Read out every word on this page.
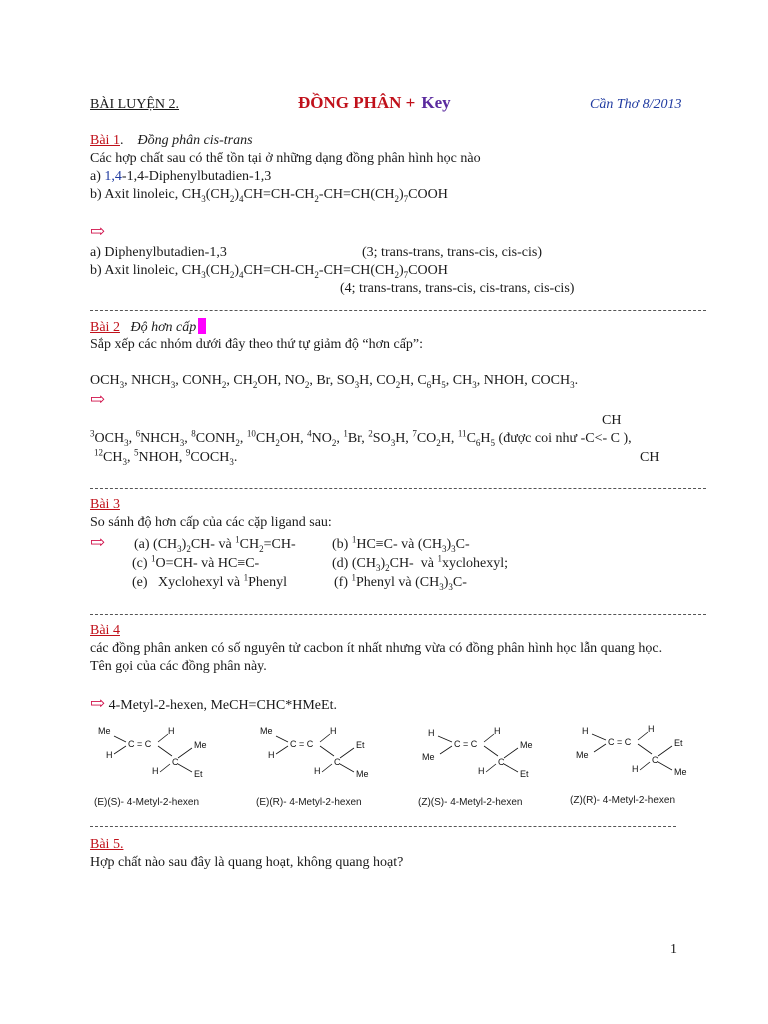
BÀI LUYỆN 2.	ĐỒNG PHÂN + Key	Cần Thơ 8/2013
Bài 1.    Đồng phân cis-trans
Các hợp chất sau có thể tồn tại ở những dạng đồng phân hình học nào
a) 1,4-1,4-Diphenylbutadien-1,3
b) Axit linoleic, $CH_3(CH_2)_4CH=CH-CH_2-CH=CH(CH_2)_7COOH$
⇨
a) Diphenylbutadien-1,3	(3; trans-trans, trans-cis, cis-cis)
b) Axit linoleic, $CH_3(CH_2)_4CH=CH-CH_2-CH=CH(CH_2)_7COOH$
(4; trans-trans, trans-cis, cis-trans, cis-cis)
Bài 2 Độ hơn cấp
Sắp xếp các nhóm dưới đây theo thứ tự giảm độ “hơn cấp”:
$OCH_3$, $NHCH_3$, $CONH_2$, $CH_2OH$, $NO_2$, Br, $SO_3H$, $CO_2H$, $C_6H_5$, $CH_3$, NHOH, $COCH_3$.
⇨
CH
$^3OCH_3$, $^6NHCH_3$, $^8CONH_2$, $^{10}CH_2OH$, $^4NO_2$, $^1$Br, $^2SO_3H$, $^7CO_2H$, $^{11}C_6H_5$ (được coi như -C<- C ),
$^{12}CH_3$, $^5$NHOH, $^9COCH_3$.	CH
Bài 3
So sánh độ hơn cấp của các cặp ligand sau:
⇨ (a) $(CH_3)_2CH-$ và $^1CH_2=CH-$	(b) $^1$HC≡C- và $(CH_3)_3C-$
(c) $^1$O=CH- và HC≡C-	(d) $(CH_3)_2CH-$  và $^1$xyclohexyl;
(e)   Xyclohexyl và $^1$Phenyl	(f) $^1$Phenyl và $(CH_3)_3C-$
Bài 4
các đồng phân anken có số nguyên tử cacbon ít nhất nhưng vừa có đồng phân hình học lẫn quang học.
Tên gọi của các đồng phân này.
⇨ 4-Metyl-2-hexen, MeCH=CHC*HMeEt.
Me
H
C = C
H
C
Me
Et
H
Me
H
C = C
H
C
Et
Me
H
H
Me
C = C
H
C
Me
Et
H
H
Me
C = C
H
C
Et
Me
H
(E)(S)- 4-Metyl-2-hexen	(E)(R)- 4-Metyl-2-hexen	(Z)(S)- 4-Metyl-2-hexen	(Z)(R)- 4-Metyl-2-hexen
Bài 5.
Hợp chất nào sau đây là quang hoạt, không quang hoạt?
1
